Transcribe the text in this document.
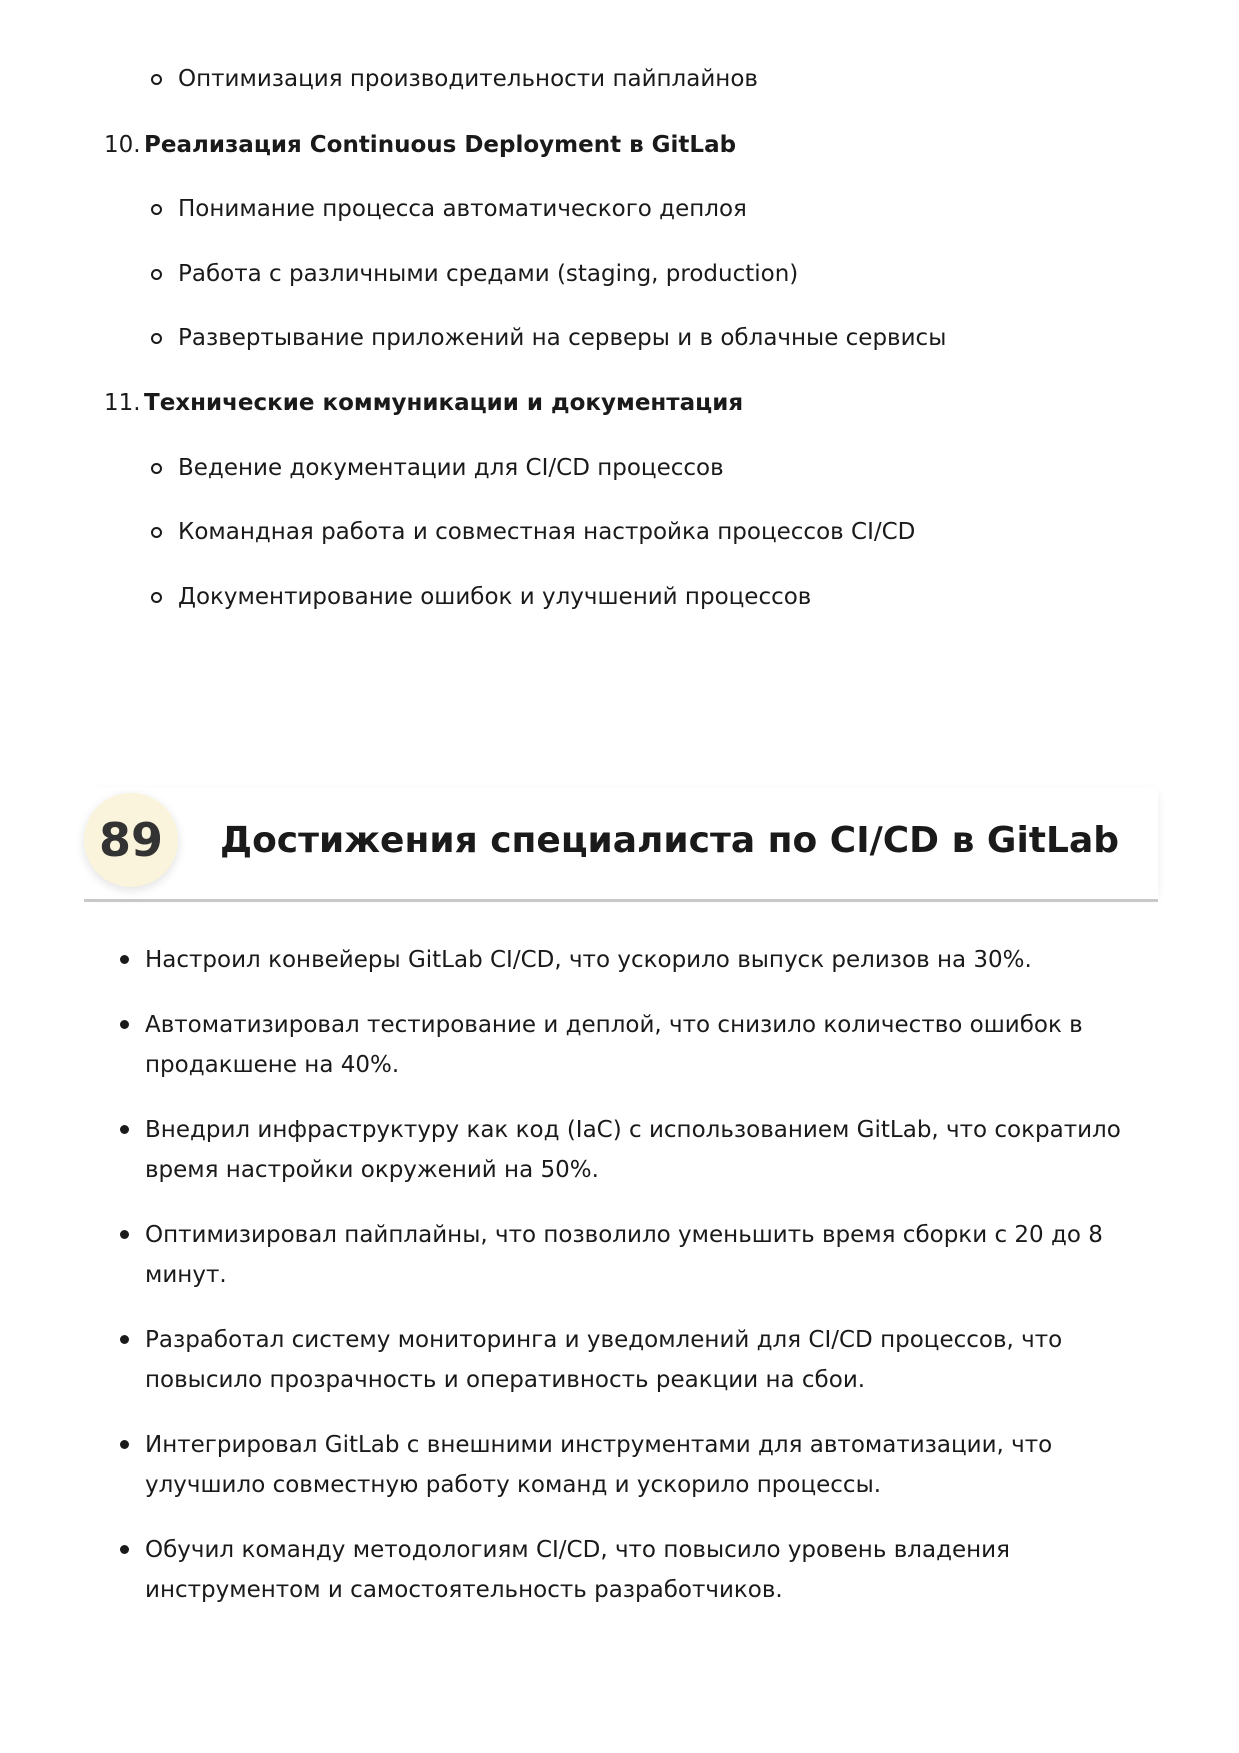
Оптимизация производительности пайплайнов
10. Реализация Continuous Deployment в GitLab
Понимание процесса автоматического деплоя
Работа с различными средами (staging, production)
Развертывание приложений на серверы и в облачные сервисы
11. Технические коммуникации и документация
Ведение документации для CI/CD процессов
Командная работа и совместная настройка процессов CI/CD
Документирование ошибок и улучшений процессов
89	Достижения специалиста по CI/CD в GitLab
Настроил конвейеры GitLab CI/CD, что ускорило выпуск релизов на 30%.
Автоматизировал тестирование и деплой, что снизило количество ошибок в продакшене на 40%.
Внедрил инфраструктуру как код (IaC) с использованием GitLab, что сократило время настройки окружений на 50%.
Оптимизировал пайплайны, что позволило уменьшить время сборки с 20 до 8 минут.
Разработал систему мониторинга и уведомлений для CI/CD процессов, что повысило прозрачность и оперативность реакции на сбои.
Интегрировал GitLab с внешними инструментами для автоматизации, что улучшило совместную работу команд и ускорило процессы.
Обучил команду методологиям CI/CD, что повысило уровень владения инструментом и самостоятельность разработчиков.
